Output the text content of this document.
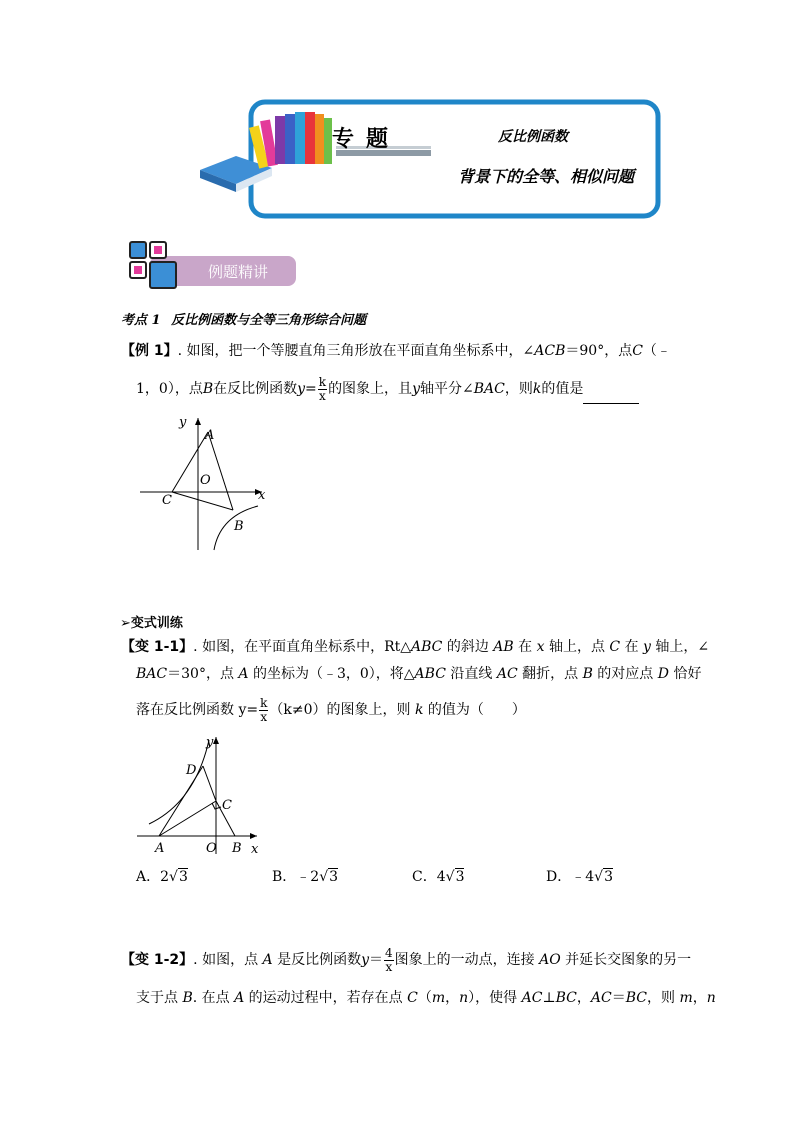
专 题	反比例函数
背景下的全等、相似问题
例题精讲
考点 1 反比例函数与全等三角形综合问题
【例 1】. 如图，把一个等腰直角三角形放在平面直角坐标系中，∠ACB＝90°，点C（﹣
1，0），点B在反比例函数$y= \frac{k}{x}$ 的图象上，且y轴平分∠BAC，则k的值是
y
A
O
C	x
B
➢变式训练
【变 1-1】. 如图，在平面直角坐标系中，Rt△ABC 的斜边 AB 在 x 轴上，点 C 在 y 轴上，∠
BAC＝30°，点 A 的坐标为（﹣3，0），将△ABC 沿直线 AC 翻折，点 B 的对应点 D 恰好
落在反比例函数 $y= \frac{k}{x} (k\ne 0)$的图象上，则 k 的值为（　　）
y
D
C
A	O B x
A．2√3	B．﹣2√3	C．4√3	D．﹣4√3
【变 1-2】. 如图，点 A 是反比例函数$y= \frac{4}{x}$ 图象上的一动点，连接 AO 并延长交图象的另一
支于点 B. 在点 A 的运动过程中，若存在点 C（m，n），使得 AC⊥BC，AC＝BC，则 m，n
